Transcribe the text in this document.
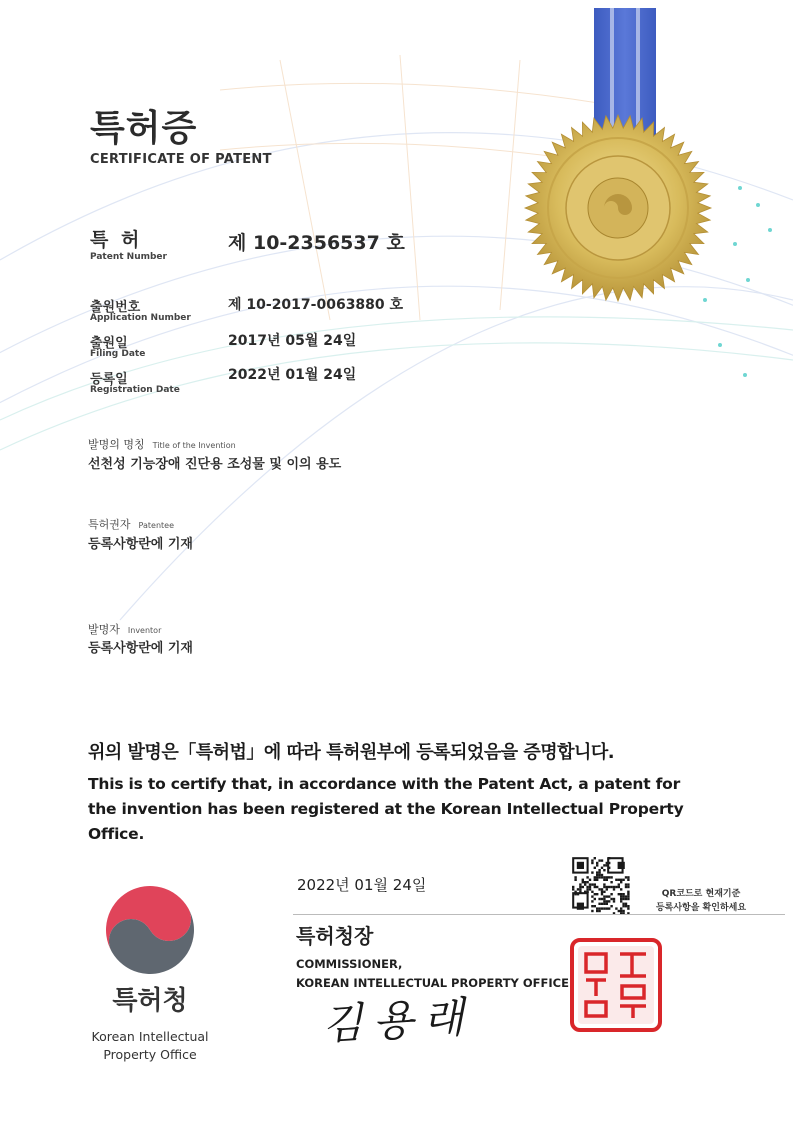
특허증
CERTIFICATE OF PATENT
특 허
Patent Number
제 10-2356537 호
출원번호
Application Number
제 10-2017-0063880 호
출원일
Filing Date
2017년 05월 24일
등록일
Registration Date
2022년 01월 24일
발명의 명칭 Title of the Invention
선천성 기능장애 진단용 조성물 및 이의 용도
특허권자 Patentee
등록사항란에 기재
발명자 Inventor
등록사항란에 기재
위의 발명은「특허법」에 따라 특허원부에 등록되었음을 증명합니다.
This is to certify that, in accordance with the Patent Act, a patent for the invention has been registered at the Korean Intellectual Property Office.
2022년 01월 24일	QR코드로 현재기준
등록사항을 확인하세요
특허청장
COMMISSIONER,
KOREAN INTELLECTUAL PROPERTY OFFICE
김용래
특허청
Korean Intellectual
Property Office
